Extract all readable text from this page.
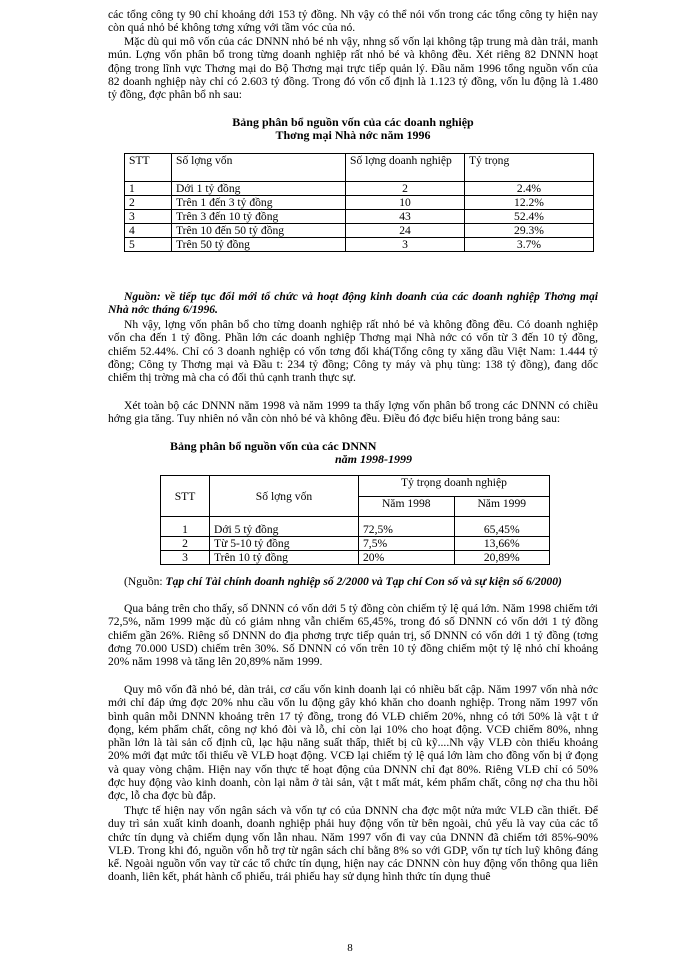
các tổng công ty 90 chỉ khoảng dới 153 tỷ đồng. Nh vậy có thể nói vốn trong các tổng công ty hiện nay còn quá nhỏ bé không tơng xứng với tầm vóc của nó.

Mặc dù qui mô vốn của các DNNN nhỏ bé nh vậy, nhng số vốn lại không tập trung mà dàn trải, manh mún. Lợng vốn phân bổ trong từng doanh nghiệp rất nhỏ bé và không đều. Xét riêng 82 DNNN hoạt động trong lĩnh vực Thơng mại do Bộ Thơng mại trực tiếp quản lý. Đầu năm 1996 tổng nguồn vốn của 82 doanh nghiệp này chỉ có 2.603 tỷ đồng. Trong đó vốn cố định là 1.123 tỷ đồng, vốn lu động là 1.480 tỷ đồng, đợc phân bổ nh sau:

Bảng phân bổ nguồn vốn của các doanh nghiệp

Thơng mại Nhà nớc năm 1996

STT	Số lợng vốn	Số lợng doanh nghiệp	Tỷ trọng
1	Dới 1 tỷ đồng	2	2.4%
2	Trên 1 đến 3 tỷ đồng	10	12.2%
3	Trên 3 đến 10 tỷ đồng	43	52.4%
4	Trên 10 đến 50 tỷ đồng	24	29.3%
5	Trên 50 tỷ đồng	3	3.7%

Nguồn: về tiếp tục đổi mới tổ chức và hoạt động kinh doanh của các doanh nghiệp Thơng mại Nhà nớc tháng 6/1996.

Nh vậy, lợng vốn phân bổ cho từng doanh nghiệp rất nhỏ bé và không đồng đều. Có doanh nghiệp vốn cha đến 1 tỷ đồng. Phần lớn các doanh nghiệp Thơng mại Nhà nớc có vốn từ 3 đến 10 tỷ đồng, chiếm 52.44%. Chỉ có 3 doanh nghiệp có vốn tơng đối khá(Tổng công ty xăng dầu Việt Nam: 1.444 tỷ đồng; Công ty Thơng mại và Đầu t: 234 tỷ đồng; Công ty máy và phụ tùng: 138 tỷ đồng), đang dốc chiếm thị trờng mà cha có đối thủ cạnh tranh thực sự.

Xét toàn bộ các DNNN năm 1998 và năm 1999 ta thấy lợng vốn phân bổ trong các DNNN có chiều hớng gia tăng. Tuy nhiên nó vẫn còn nhỏ bé và không đều. Điều đó đợc biểu hiện trong bảng sau:

Bảng phân bổ nguồn vốn của các DNNN

năm 1998-1999

STT	Số lợng vốn	Tỷ trọng doanh nghiệp	
		Năm 1998	Năm 1999
1	Dới 5 tỷ đồng	72,5%	65,45%
2	Từ 5-10 tỷ đồng	7,5%	13,66%
3	Trên 10 tỷ đồng	20%	20,89%

(Nguồn: Tạp chí Tài chính doanh nghiệp số 2/2000 và Tạp chí Con số và sự kiện số 6/2000)

Qua bảng trên cho thấy, số DNNN có vốn dới 5 tỷ đồng còn chiếm tỷ lệ quá lớn. Năm 1998 chiếm tới 72,5%, năm 1999 mặc dù có giảm nhng vẫn chiếm 65,45%, trong đó số DNNN có vốn dới 1 tỷ đồng chiếm gần 26%. Riêng số DNNN do địa phơng trực tiếp quản trị, số DNNN có vốn dới 1 tỷ đồng (tơng đơng 70.000 USD) chiếm trên 30%. Số DNNN có vốn trên 10 tỷ đồng chiếm một tỷ lệ nhỏ chỉ khoảng 20% năm 1998 và tăng lên 20,89% năm 1999.

Quy mô vốn đã nhỏ bé, dàn trải, cơ cấu vốn kinh doanh lại có nhiều bất cập. Năm 1997 vốn nhà nớc mới chỉ đáp ứng đợc 20% nhu cầu vốn lu động gây khó khăn cho doanh nghiệp. Trong năm 1997 vốn bình quân mỗi DNNN khoảng trên 17 tỷ đồng, trong đó VLĐ chiếm 20%, nhng có tới 50% là vật t ứ đọng, kém phẩm chất, công nợ khó đòi và lỗ, chỉ còn lại 10% cho hoạt động. VCĐ chiếm 80%, nhng phần lớn là tài sản cố định cũ, lạc hậu năng suất thấp, thiết bị cũ kỹ....Nh vậy VLĐ còn thiếu khoảng 20% mới đạt mức tối thiểu về VLĐ hoạt động. VCĐ lại chiếm tỷ lệ quá lớn làm cho đồng vốn bị ứ đọng và quay vòng chậm. Hiện nay vốn thực tế hoạt động của DNNN chỉ đạt 80%. Riêng VLĐ chỉ có 50% đợc huy động vào kinh doanh, còn lại nằm ở tài sản, vật t mất mát, kém phẩm chất, công nợ cha thu hồi đợc, lỗ cha đợc bù đắp.

Thực tế hiện nay vốn ngân sách và vốn tự có của DNNN cha đợc một nửa mức VLĐ cần thiết. Để duy trì sản xuất kinh doanh, doanh nghiệp phải huy động vốn từ bên ngoài, chủ yếu là vay của các tổ chức tín dụng và chiếm dụng vốn lẫn nhau. Năm 1997 vốn đi vay của DNNN đã chiếm tới 85%-90% VLĐ. Trong khi đó, nguồn vốn hỗ trợ từ ngân sách chỉ bằng 8% so với GDP, vốn tự tích luỹ không đáng kể. Ngoài nguồn vốn vay từ các tổ chức tín dụng, hiện nay các DNNN còn huy động vốn thông qua liên doanh, liên kết, phát hành cổ phiếu, trái phiếu hay sử dụng hình thức tín dụng thuê

8
